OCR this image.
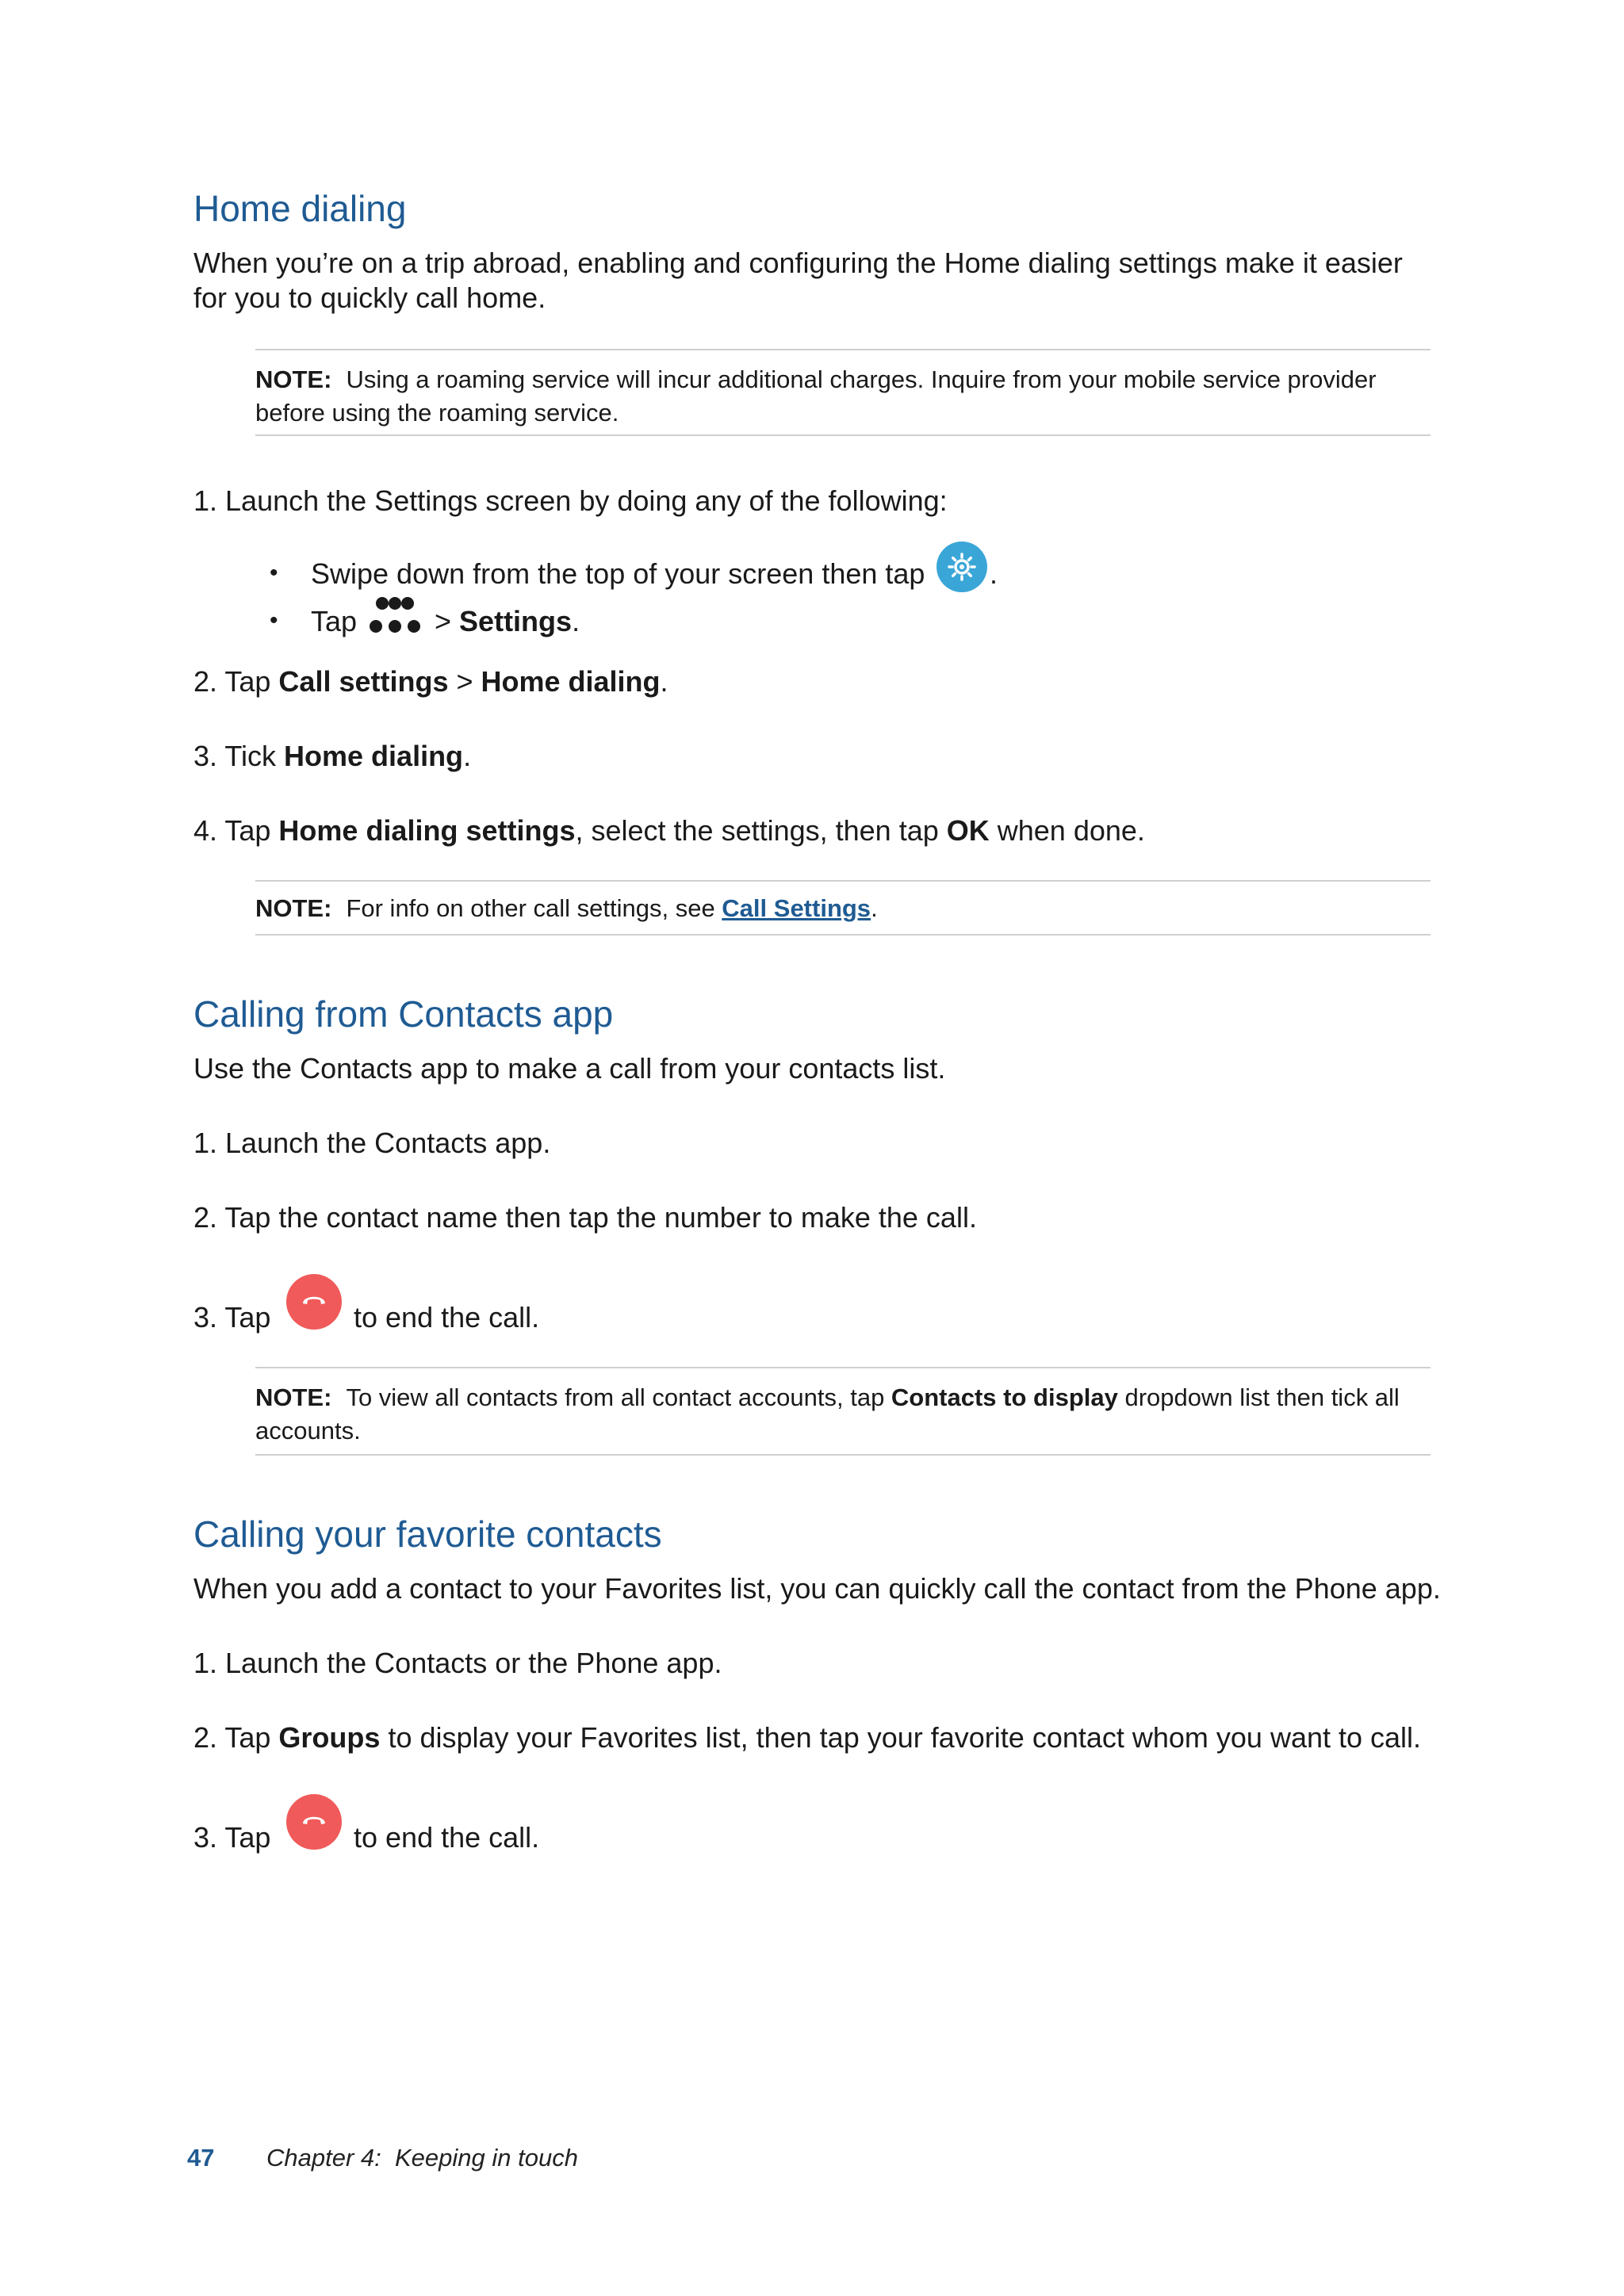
Home dialing
When you’re on a trip abroad, enabling and configuring the Home dialing settings make it easier for you to quickly call home.
NOTE: Using a roaming service will incur additional charges. Inquire from your mobile service provider before using the roaming service.
1. Launch the Settings screen by doing any of the following:
• Swipe down from the top of your screen then tap .
• Tap	> Settings.
2. Tap Call settings > Home dialing.
3. Tick Home dialing.
4. Tap Home dialing settings, select the settings, then tap OK when done.
NOTE: For info on other call settings, see Call Settings.
Calling from Contacts app
Use the Contacts app to make a call from your contacts list.
1. Launch the Contacts app.
2. Tap the contact name then tap the number to make the call.
3. Tap	to end the call.
NOTE: To view all contacts from all contact accounts, tap Contacts to display dropdown list then tick all accounts.
Calling your favorite contacts
When you add a contact to your Favorites list, you can quickly call the contact from the Phone app.
1. Launch the Contacts or the Phone app.
2. Tap Groups to display your Favorites list, then tap your favorite contact whom you want to call.
3. Tap	to end the call.
47 Chapter 4:  Keeping in touch
